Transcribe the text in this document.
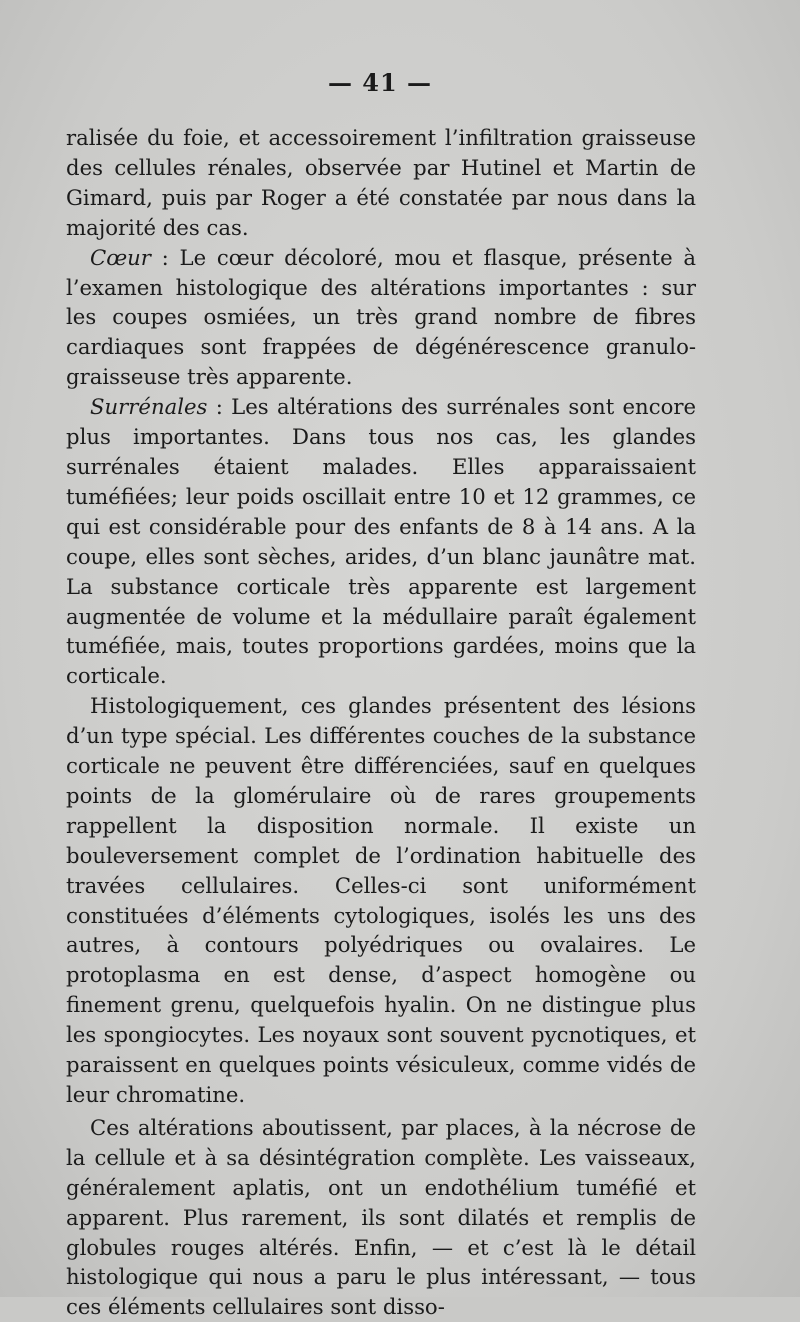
— 41 —

ralisée du foie, et accessoirement l’infiltration graisseuse des cellules rénales, observée par Hutinel et Martin de Gimard, puis par Roger a été constatée par nous dans la majorité des cas.

Cœur : Le cœur décoloré, mou et flasque, présente à l’examen histologique des altérations importantes : sur les coupes osmiées, un très grand nombre de fibres cardiaques sont frappées de dégénérescence granulo-graisseuse très apparente.

Surrénales : Les altérations des surrénales sont encore plus importantes. Dans tous nos cas, les glandes surrénales étaient malades. Elles apparaissaient tuméfiées; leur poids oscillait entre 10 et 12 grammes, ce qui est considérable pour des enfants de 8 à 14 ans. A la coupe, elles sont sèches, arides, d’un blanc jaunâtre mat. La substance corticale très apparente est largement augmentée de volume et la médullaire paraît également tuméfiée, mais, toutes proportions gardées, moins que la corticale.

Histologiquement, ces glandes présentent des lésions d’un type spécial. Les différentes couches de la substance corticale ne peuvent être différenciées, sauf en quelques points de la glomérulaire où de rares groupements rappellent la disposition normale. Il existe un bouleversement complet de l’ordination habituelle des travées cellulaires. Celles-ci sont uniformément constituées d’éléments cytologiques, isolés les uns des autres, à contours polyédriques ou ovalaires. Le protoplasma en est dense, d’aspect homogène ou finement grenu, quelquefois hyalin. On ne distingue plus les spongiocytes. Les noyaux sont souvent pycnotiques, et paraissent en quelques points vésiculeux, comme vidés de leur chromatine.

Ces altérations aboutissent, par places, à la nécrose de la cellule et à sa désintégration complète. Les vaisseaux, généralement aplatis, ont un endothélium tuméfié et apparent. Plus rarement, ils sont dilatés et remplis de globules rouges altérés. Enfin, — et c’est là le détail histologique qui nous a paru le plus intéressant, — tous ces éléments cellulaires sont disso-
